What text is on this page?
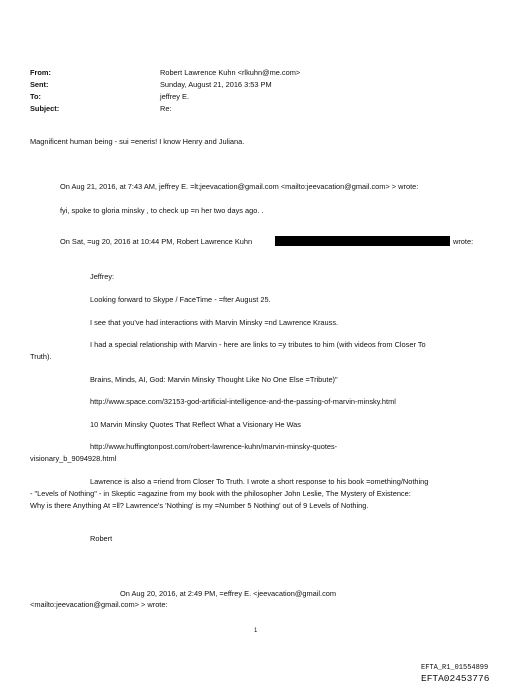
From:	Robert Lawrence Kuhn <rlkuhn@me.com>
Sent:	Sunday, August 21, 2016 3:53 PM
To:	jeffrey E.
Subject:	Re:
Magnificent human being - sui =eneris! I know Henry and Juliana.
On Aug 21, 2016, at 7:43 AM, jeffrey E. =lt;jeevacation@gmail.com <mailto:jeevacation@gmail.com> > wrote:
fyi, spoke to gloria minsky , to check up =n her two days ago. .
On Sat, =ug 20, 2016 at 10:44 PM, Robert Lawrence Kuhn	wrote:
Jeffrey:
Looking forward to Skype / FaceTime - =fter August 25.
I see that you've had interactions with Marvin Minsky =nd Lawrence Krauss.
I had a special relationship with Marvin - here are links to =y tributes to him (with videos from Closer To
Truth).
Brains, Minds, AI, God: Marvin Minsky Thought Like No One Else =Tribute)"
http://www.space.com/32153-god-artificial-intelligence-and-the-passing-of-marvin-minsky.html
10 Marvin Minsky Quotes That Reflect What a Visionary He Was
http://www.huffingtonpost.com/robert-lawrence-kuhn/marvin-minsky-quotes-
visionary_b_9094928.html
Lawrence is also a =riend from Closer To Truth. I wrote a short response to his book =omething/Nothing
- "Levels of Nothing" - in Skeptic =agazine from my book with the philosopher John Leslie, The Mystery of Existence:
Why is there Anything At =ll? Lawrence's 'Nothing' is my =Number 5 Nothing' out of 9 Levels of Nothing.
Robert
On Aug 20, 2016, at 2:49 PM, =effrey E. <jeevacation@gmail.com
<mailto:jeevacation@gmail.com> > wrote:
1
EFTA_R1_01554899
EFTA02453776
